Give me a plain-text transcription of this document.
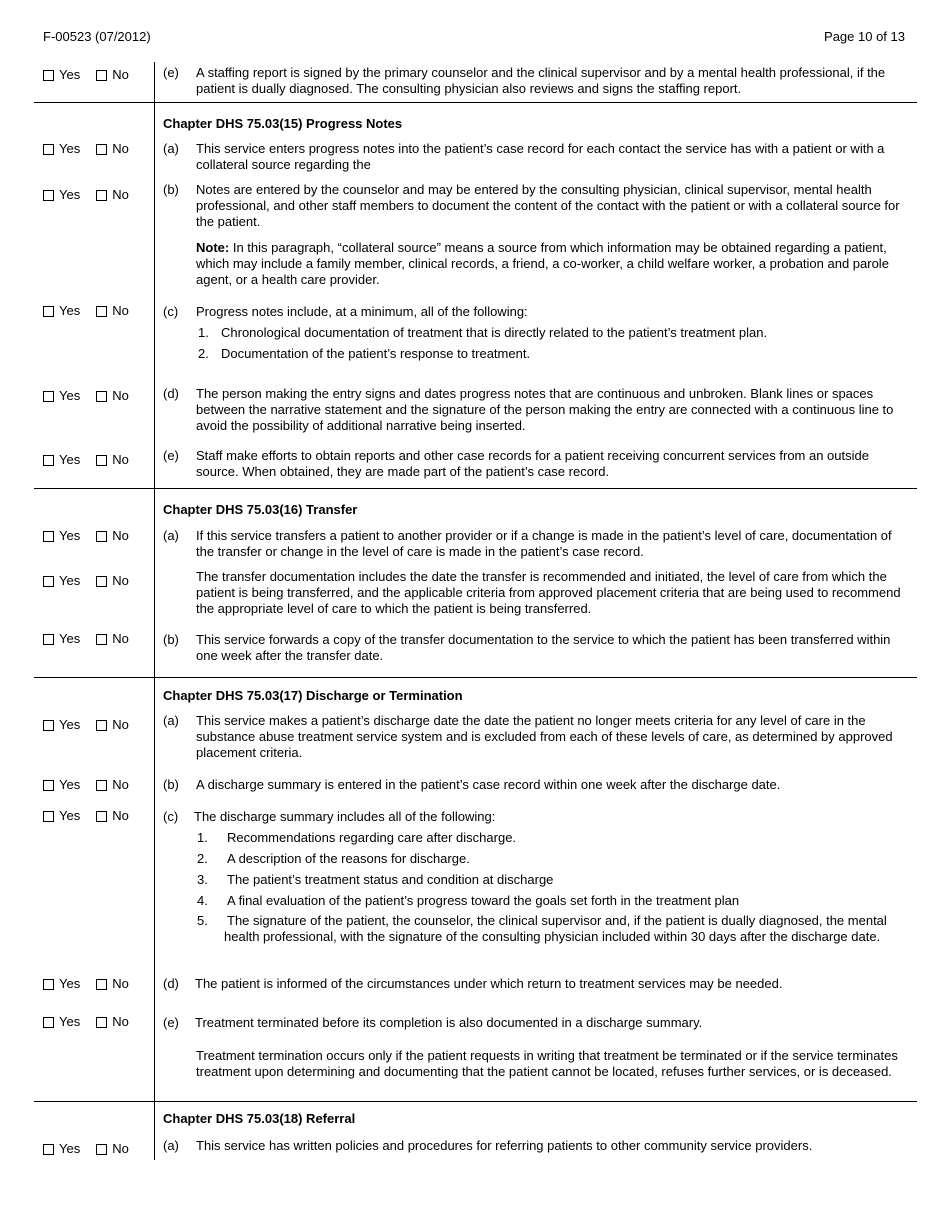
F-00523 (07/2012)	Page 10 of 13
Yes No	(e) A staffing report is signed by the primary counselor and the clinical supervisor and by a mental health professional, if the patient is dually diagnosed. The consulting physician also reviews and signs the staffing report.
Chapter DHS 75.03(15) Progress Notes
Yes No	(a) This service enters progress notes into the patient’s case record for each contact the service has with a patient or with a collateral source regarding the
Yes No	(b) Notes are entered by the counselor and may be entered by the consulting physician, clinical supervisor, mental health professional, and other staff members to document the content of the contact with the patient or with a collateral source for the patient.
Note: In this paragraph, “collateral source” means a source from which information may be obtained regarding a patient, which may include a family member, clinical records, a friend, a co-worker, a child welfare worker, a probation and parole agent, or a health care provider.
Yes No	(c) Progress notes include, at a minimum, all of the following:
1. Chronological documentation of treatment that is directly related to the patient’s treatment plan.
2. Documentation of the patient’s response to treatment.
Yes No	(d) The person making the entry signs and dates progress notes that are continuous and unbroken. Blank lines or spaces between the narrative statement and the signature of the person making the entry are connected with a continuous line to avoid the possibility of additional narrative being inserted.
Yes No	(e) Staff make efforts to obtain reports and other case records for a patient receiving concurrent services from an outside source. When obtained, they are made part of the patient’s case record.
Chapter DHS 75.03(16) Transfer
Yes No	(a) If this service transfers a patient to another provider or if a change is made in the patient’s level of care, documentation of the transfer or change in the level of care is made in the patient’s case record.
Yes No	The transfer documentation includes the date the transfer is recommended and initiated, the level of care from which the patient is being transferred, and the applicable criteria from approved placement criteria that are being used to recommend the appropriate level of care to which the patient is being transferred.
Yes No	(b) This service forwards a copy of the transfer documentation to the service to which the patient has been transferred within one week after the transfer date.
Chapter DHS 75.03(17) Discharge or Termination
Yes No	(a) This service makes a patient’s discharge date the date the patient no longer meets criteria for any level of care in the substance abuse treatment service system and is excluded from each of these levels of care, as determined by approved placement criteria.
Yes No	(b) A discharge summary is entered in the patient’s case record within one week after the discharge date.
Yes No	(c) The discharge summary includes all of the following:
1. Recommendations regarding care after discharge.
2. A description of the reasons for discharge.
3. The patient’s treatment status and condition at discharge
4. A final evaluation of the patient’s progress toward the goals set forth in the treatment plan
5. The signature of the patient, the counselor, the clinical supervisor and, if the patient is dually diagnosed, the mental health professional, with the signature of the consulting physician included within 30 days after the discharge date.
Yes No	(d) The patient is informed of the circumstances under which return to treatment services may be needed.
Yes No	(e) Treatment terminated before its completion is also documented in a discharge summary.
Treatment termination occurs only if the patient requests in writing that treatment be terminated or if the service terminates treatment upon determining and documenting that the patient cannot be located, refuses further services, or is deceased.
Chapter DHS 75.03(18) Referral
Yes No	(a) This service has written policies and procedures for referring patients to other community service providers.
